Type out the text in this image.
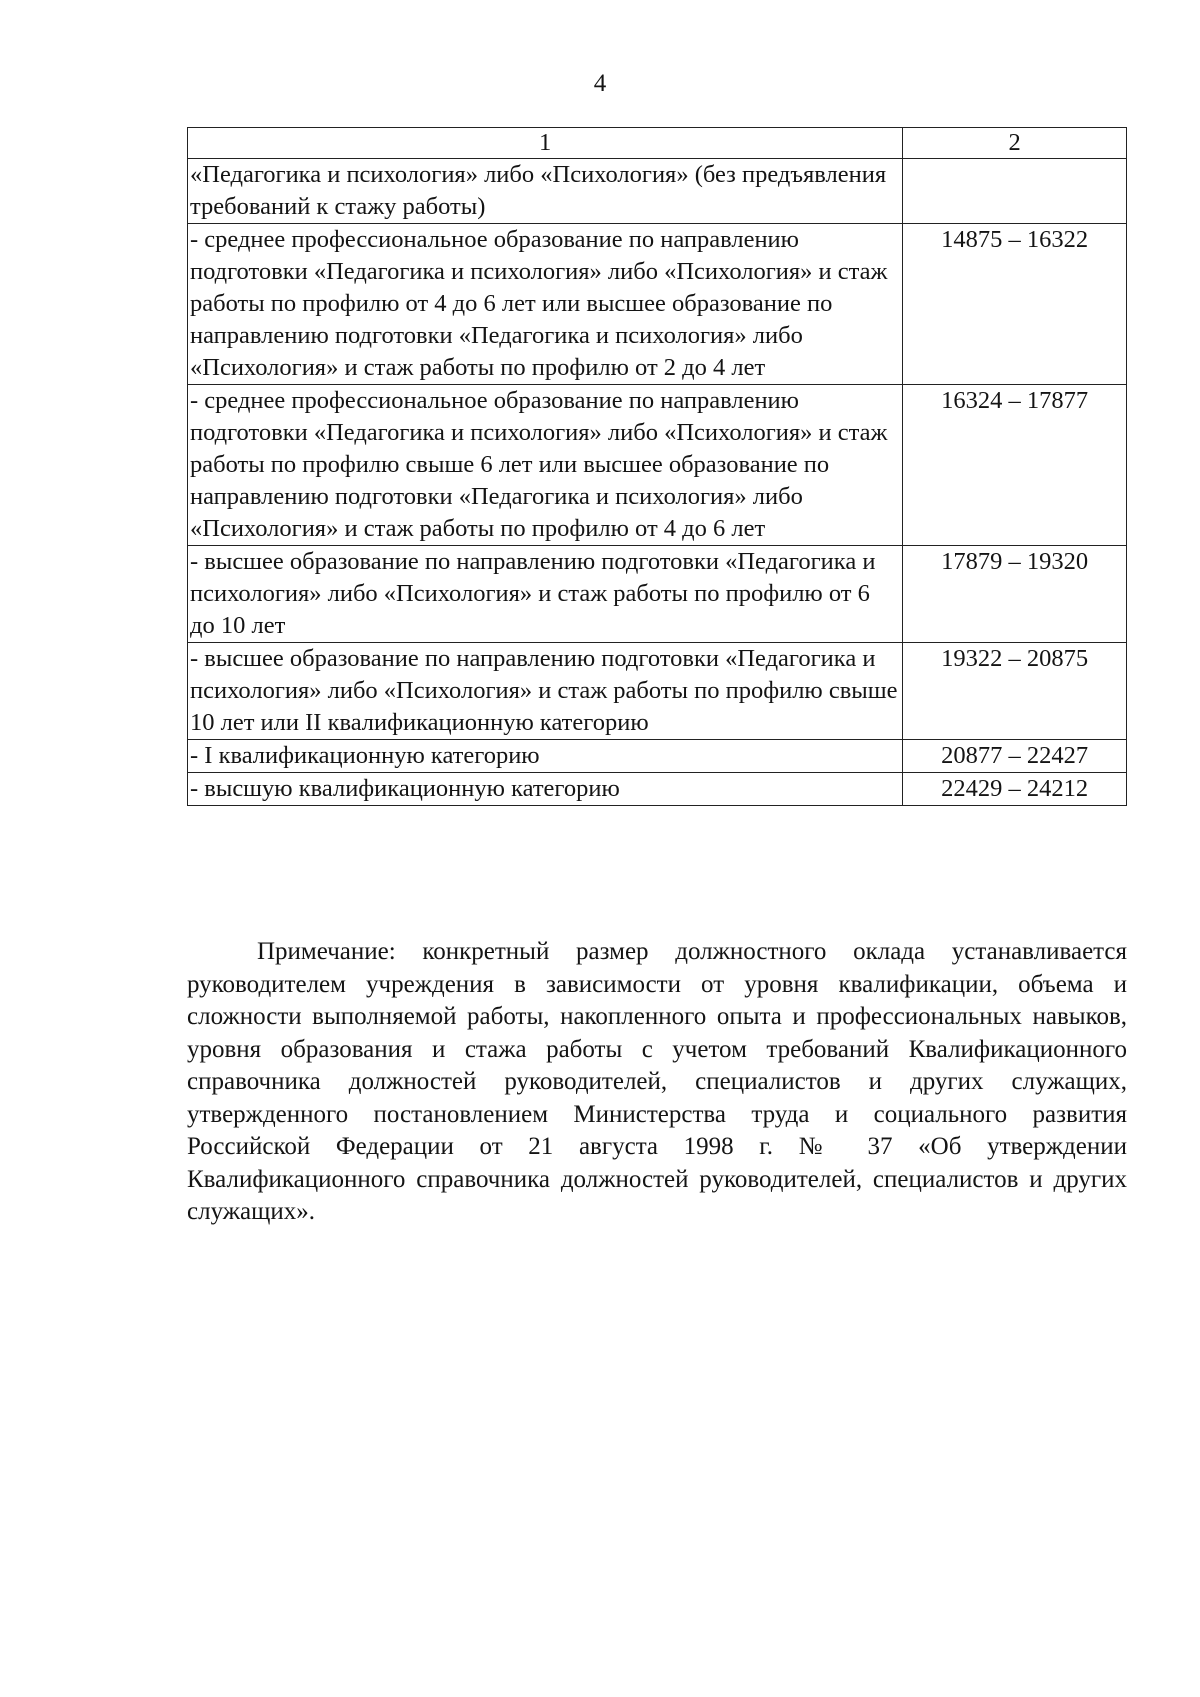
4
1	2
«Педагогика и психология» либо «Психология» (без предъявления требований к стажу работы)	
- среднее профессиональное образование по направлению подготовки «Педагогика и психология» либо «Психология» и стаж работы по профилю от 4 до 6 лет или высшее образование по направлению подготовки «Педагогика и психология» либо «Психология» и стаж работы по профилю от 2 до 4 лет	14875 – 16322
- среднее профессиональное образование по направлению подготовки «Педагогика и психология» либо «Психология» и стаж работы по профилю свыше 6 лет или высшее образование по направлению подготовки «Педагогика и психология» либо «Психология» и стаж работы по профилю от 4 до 6 лет	16324 – 17877
- высшее образование по направлению подготовки «Педагогика и психология» либо «Психология» и стаж работы по профилю от 6 до 10 лет	17879 – 19320
- высшее образование по направлению подготовки «Педагогика и психология» либо «Психология» и стаж работы по профилю свыше 10 лет или II квалификационную категорию	19322 – 20875
- I квалификационную категорию	20877 – 22427
- высшую квалификационную категорию	22429 – 24212

Примечание: конкретный размер должностного оклада устанавливается руководителем учреждения в зависимости от уровня квалификации, объема и сложности выполняемой работы, накопленного опыта и профессиональных навыков, уровня образования и стажа работы с учетом требований Квалификационного справочника должностей руководителей, специалистов и других служащих, утвержденного постановлением Министерства труда и социального развития Российской Федерации от 21 августа 1998 г. № 37 «Об утверждении Квалификационного справочника должностей руководителей, специалистов и других служащих».
